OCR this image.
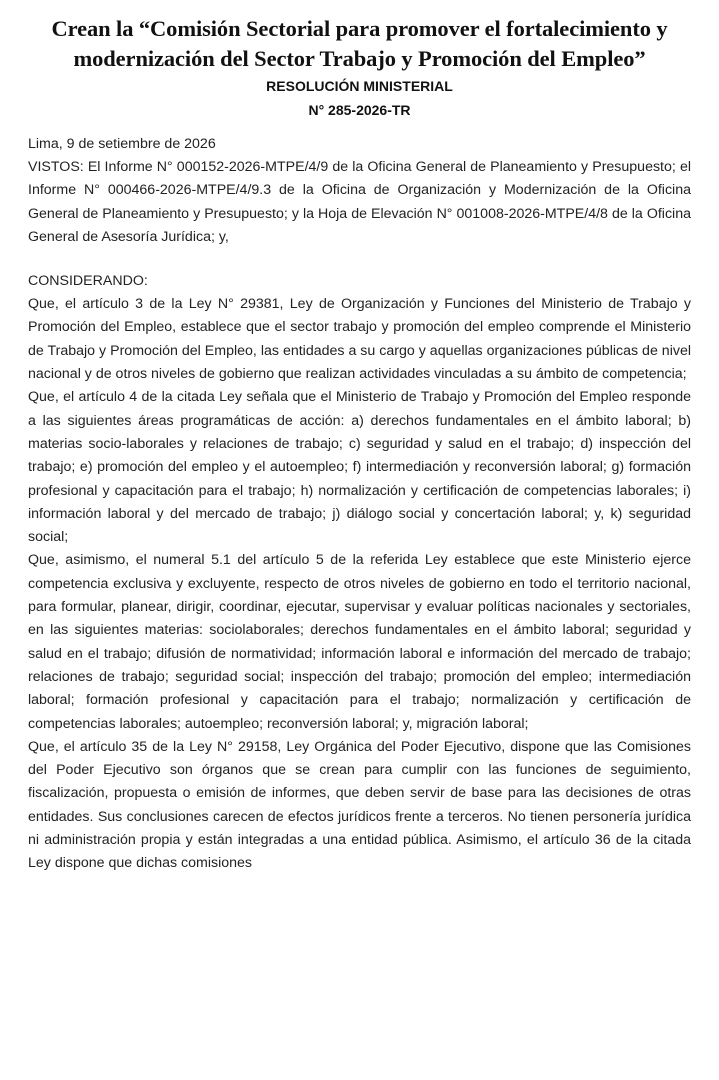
Crean la “Comisión Sectorial para promover el fortalecimiento y modernización del Sector Trabajo y Promoción del Empleo”
RESOLUCIÓN MINISTERIAL
N° 285-2026-TR
Lima, 9 de setiembre de 2026

VISTOS: El Informe N° 000152-2026-MTPE/4/9 de la Oficina General de Planeamiento y Presupuesto; el Informe N° 000466-2026-MTPE/4/9.3 de la Oficina de Organización y Modernización de la Oficina General de Planeamiento y Presupuesto; y la Hoja de Elevación N° 001008-2026-MTPE/4/8 de la Oficina General de Asesoría Jurídica; y,

CONSIDERANDO:

Que, el artículo 3 de la Ley N° 29381, Ley de Organización y Funciones del Ministerio de Trabajo y Promoción del Empleo, establece que el sector trabajo y promoción del empleo comprende el Ministerio de Trabajo y Promoción del Empleo, las entidades a su cargo y aquellas organizaciones públicas de nivel nacional y de otros niveles de gobierno que realizan actividades vinculadas a su ámbito de competencia;

Que, el artículo 4 de la citada Ley señala que el Ministerio de Trabajo y Promoción del Empleo responde a las siguientes áreas programáticas de acción: a) derechos fundamentales en el ámbito laboral; b) materias socio-laborales y relaciones de trabajo; c) seguridad y salud en el trabajo; d) inspección del trabajo; e) promoción del empleo y el autoempleo; f) intermediación y reconversión laboral; g) formación profesional y capacitación para el trabajo; h) normalización y certificación de competencias laborales; i) información laboral y del mercado de trabajo; j) diálogo social y concertación laboral; y, k) seguridad social;

Que, asimismo, el numeral 5.1 del artículo 5 de la referida Ley establece que este Ministerio ejerce competencia exclusiva y excluyente, respecto de otros niveles de gobierno en todo el territorio nacional, para formular, planear, dirigir, coordinar, ejecutar, supervisar y evaluar políticas nacionales y sectoriales, en las siguientes materias: sociolaborales; derechos fundamentales en el ámbito laboral; seguridad y salud en el trabajo; difusión de normatividad; información laboral e información del mercado de trabajo; relaciones de trabajo; seguridad social; inspección del trabajo; promoción del empleo; intermediación laboral; formación profesional y capacitación para el trabajo; normalización y certificación de competencias laborales; autoempleo; reconversión laboral; y, migración laboral;

Que, el artículo 35 de la Ley N° 29158, Ley Orgánica del Poder Ejecutivo, dispone que las Comisiones del Poder Ejecutivo son órganos que se crean para cumplir con las funciones de seguimiento, fiscalización, propuesta o emisión de informes, que deben servir de base para las decisiones de otras entidades. Sus conclusiones carecen de efectos jurídicos frente a terceros. No tienen personería jurídica ni administración propia y están integradas a una entidad pública. Asimismo, el artículo 36 de la citada Ley dispone que dichas comisiones
